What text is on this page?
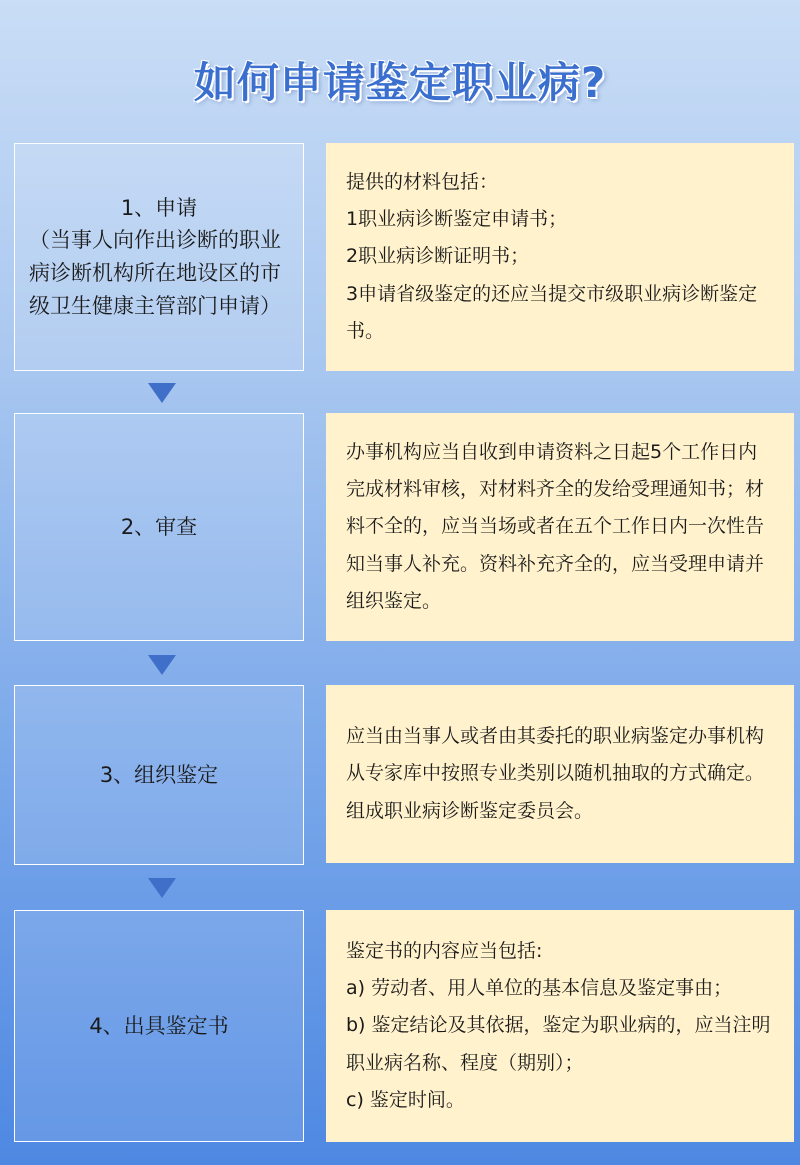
如何申请鉴定职业病?
1、申请
（当事人向作出诊断的职业病诊断机构所在地设区的市级卫生健康主管部门申请）

提供的材料包括：

1职业病诊断鉴定申请书；

2职业病诊断证明书；

3申请省级鉴定的还应当提交市级职业病诊断鉴定书。

2、审查

办事机构应当自收到申请资料之日起5个工作日内完成材料审核，对材料齐全的发给受理通知书；材料不全的，应当当场或者在五个工作日内一次性告知当事人补充。资料补充齐全的，应当受理申请并组织鉴定。

3、组织鉴定

应当由当事人或者由其委托的职业病鉴定办事机构从专家库中按照专业类别以随机抽取的方式确定。组成职业病诊断鉴定委员会。

4、出具鉴定书

鉴定书的内容应当包括:

a) 劳动者、用人单位的基本信息及鉴定事由；

b) 鉴定结论及其依据，鉴定为职业病的，应当注明职业病名称、程度（期别）；

c) 鉴定时间。
